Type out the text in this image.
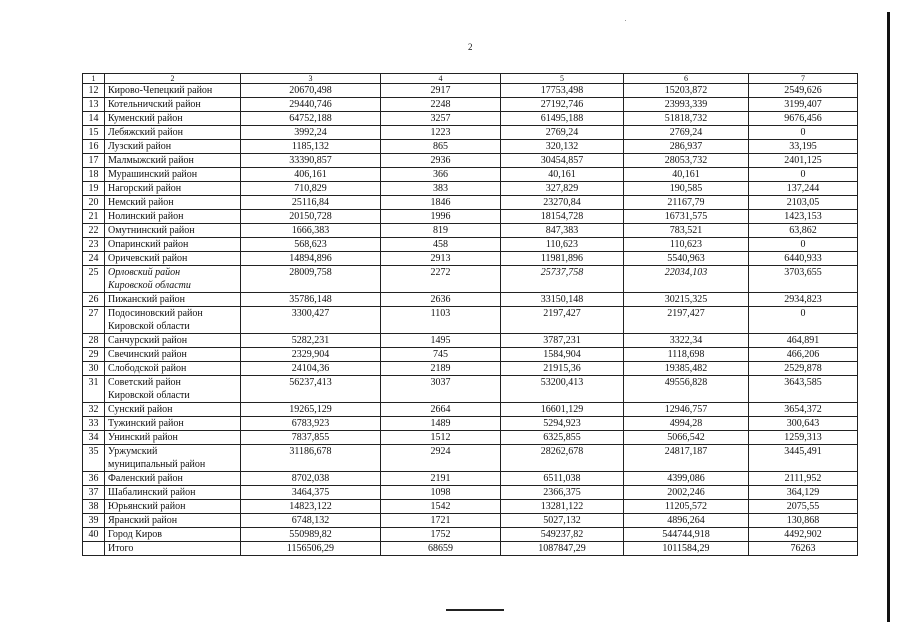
2
1	2	3	4	5	6	7
12	Кирово-Чепецкий район	20670,498	2917	17753,498	15203,872	2549,626
13	Котельничский район	29440,746	2248	27192,746	23993,339	3199,407
14	Куменский район	64752,188	3257	61495,188	51818,732	9676,456
15	Лебяжский район	3992,24	1223	2769,24	2769,24	0
16	Лузский район	1185,132	865	320,132	286,937	33,195
17	Малмыжский район	33390,857	2936	30454,857	28053,732	2401,125
18	Мурашинский район	406,161	366	40,161	40,161	0
19	Нагорский район	710,829	383	327,829	190,585	137,244
20	Немский район	25116,84	1846	23270,84	21167,79	2103,05
21	Нолинский район	20150,728	1996	18154,728	16731,575	1423,153
22	Омутнинский район	1666,383	819	847,383	783,521	63,862
23	Опаринский район	568,623	458	110,623	110,623	0
24	Оричевский район	14894,896	2913	11981,896	5540,963	6440,933
25	Орловский район
Кировской области	28009,758	2272	25737,758	22034,103	3703,655
26	Пижанский район	35786,148	2636	33150,148	30215,325	2934,823
27	Подосиновский район
Кировской области	3300,427	1103	2197,427	2197,427	0
28	Санчурский район	5282,231	1495	3787,231	3322,34	464,891
29	Свечинский район	2329,904	745	1584,904	1118,698	466,206
30	Слободской район	24104,36	2189	21915,36	19385,482	2529,878
31	Советский район
Кировской области	56237,413	3037	53200,413	49556,828	3643,585
32	Сунский район	19265,129	2664	16601,129	12946,757	3654,372
33	Тужинский район	6783,923	1489	5294,923	4994,28	300,643
34	Унинский район	7837,855	1512	6325,855	5066,542	1259,313
35	Уржумский
муниципальный район	31186,678	2924	28262,678	24817,187	3445,491
36	Фаленский район	8702,038	2191	6511,038	4399,086	2111,952
37	Шабалинский район	3464,375	1098	2366,375	2002,246	364,129
38	Юрьянский район	14823,122	1542	13281,122	11205,572	2075,55
39	Яранский район	6748,132	1721	5027,132	4896,264	130,868
40	Город Киров	550989,82	1752	549237,82	544744,918	4492,902

	Итого	1156506,29	68659	1087847,29	1011584,29	76263
